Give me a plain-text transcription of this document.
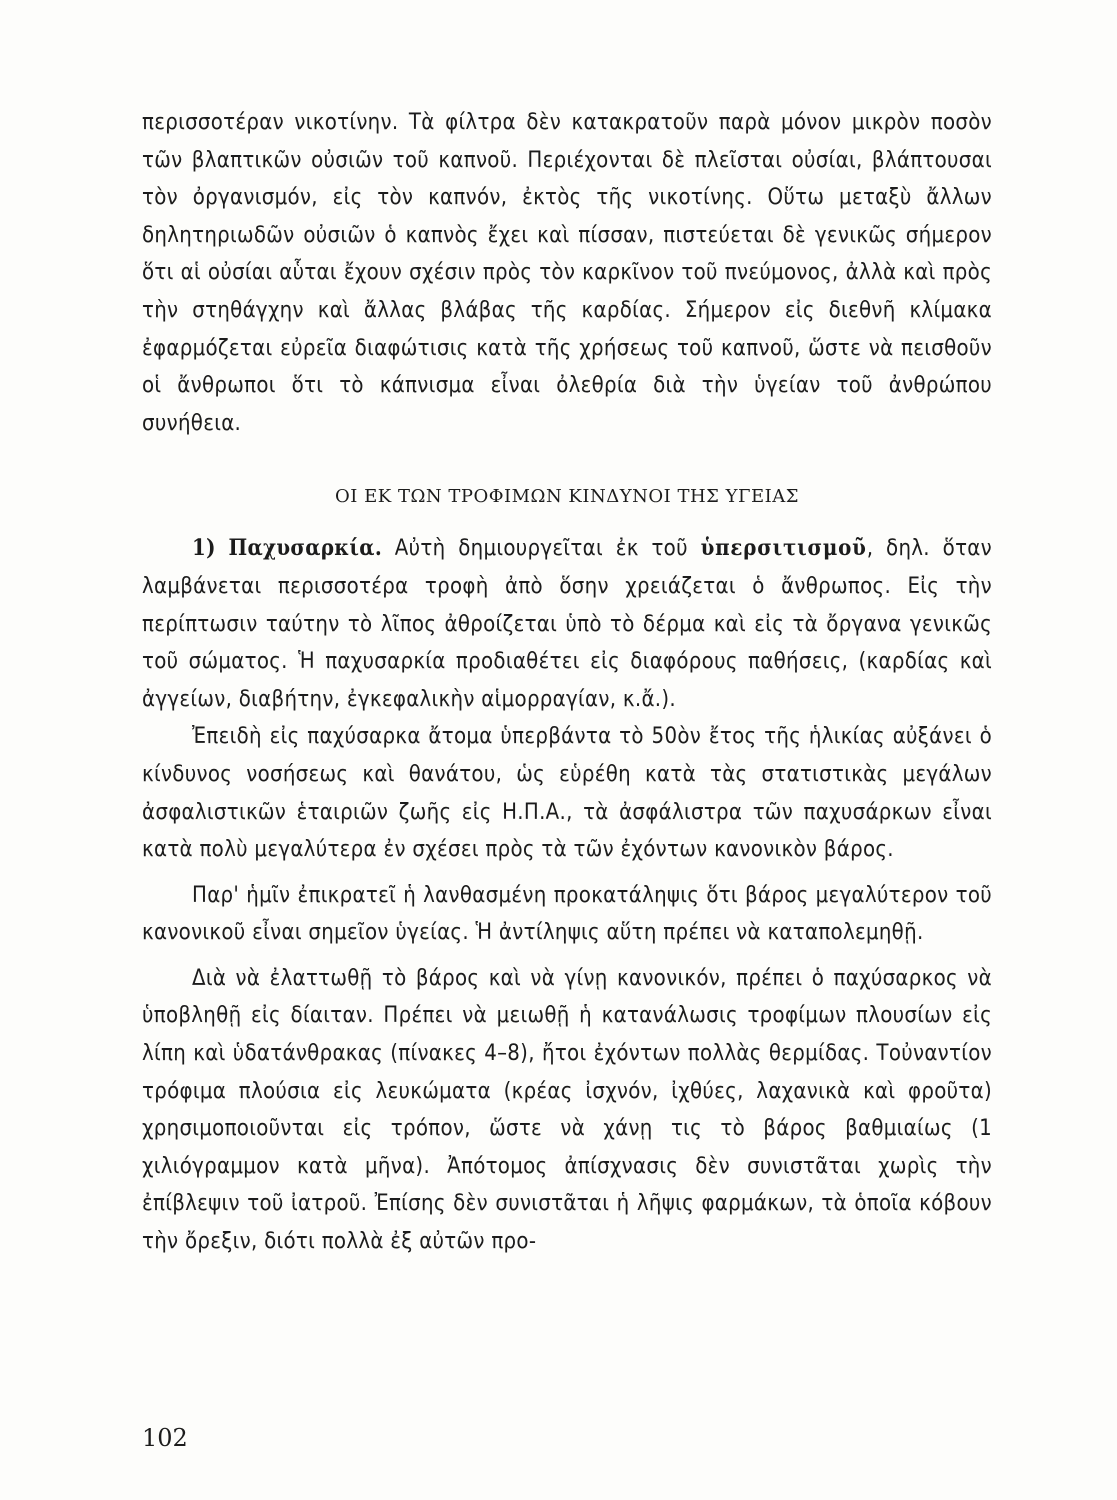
περισσοτέραν νικοτίνην. Τὰ φίλτρα δὲν κατακρατοῦν παρὰ μόνον μικρὸν ποσὸν τῶν βλαπτικῶν οὐσιῶν τοῦ καπνοῦ. Περιέχονται δὲ πλεῖσται οὐσίαι, βλάπτουσαι τὸν ὀργανισμόν, εἰς τὸν καπνόν, ἐκτὸς τῆς νικοτίνης. Οὕτω μεταξὺ ἄλλων δηλητηριωδῶν οὐσιῶν ὁ καπνὸς ἔχει καὶ πίσσαν, πιστεύεται δὲ γενικῶς σήμερον ὅτι αἱ οὐσίαι αὗται ἔχουν σχέσιν πρὸς τὸν καρκῖνον τοῦ πνεύμονος, ἀλλὰ καὶ πρὸς τὴν στηθάγχην καὶ ἄλλας βλάβας τῆς καρδίας. Σήμερον εἰς διεθνῆ κλίμακα ἐφαρμόζεται εὐρεῖα διαφώτισις κατὰ τῆς χρήσεως τοῦ καπνοῦ, ὥστε νὰ πεισθοῦν οἱ ἄνθρωποι ὅτι τὸ κάπνισμα εἶναι ὀλεθρία διὰ τὴν ὑγείαν τοῦ ἀνθρώπου συνήθεια.

ΟΙ ΕΚ ΤΩΝ ΤΡΟΦΙΜΩΝ ΚΙΝΔΥΝΟΙ ΤΗΣ ΥΓΕΙΑΣ

1) Παχυσαρκία. Αὐτὴ δημιουργεῖται ἐκ τοῦ ὑπερσιτισμοῦ, δηλ. ὅταν λαμβάνεται περισσοτέρα τροφὴ ἀπὸ ὅσην χρειάζεται ὁ ἄνθρωπος. Εἰς τὴν περίπτωσιν ταύτην τὸ λῖπος ἀθροίζεται ὑπὸ τὸ δέρμα καὶ εἰς τὰ ὄργανα γενικῶς τοῦ σώματος. Ἡ παχυσαρκία προδιαθέτει εἰς διαφόρους παθήσεις, (καρδίας καὶ ἀγγείων, διαβήτην, ἐγκεφαλικὴν αἱμορραγίαν, κ.ἄ.).

Ἐπειδὴ εἰς παχύσαρκα ἄτομα ὑπερβάντα τὸ 50ὸν ἔτος τῆς ἡλικίας αὐξάνει ὁ κίνδυνος νοσήσεως καὶ θανάτου, ὡς εὑρέθη κατὰ τὰς στατιστικὰς μεγάλων ἀσφαλιστικῶν ἑταιριῶν ζωῆς εἰς Η.Π.Α., τὰ ἀσφάλιστρα τῶν παχυσάρκων εἶναι κατὰ πολὺ μεγαλύτερα ἐν σχέσει πρὸς τὰ τῶν ἐχόντων κανονικὸν βάρος.

Παρ' ἡμῖν ἐπικρατεῖ ἡ λανθασμένη προκατάληψις ὅτι βάρος μεγαλύτερον τοῦ κανονικοῦ εἶναι σημεῖον ὑγείας. Ἡ ἀντίληψις αὕτη πρέπει νὰ καταπολεμηθῇ.

Διὰ νὰ ἐλαττωθῇ τὸ βάρος καὶ νὰ γίνῃ κανονικόν, πρέπει ὁ παχύσαρκος νὰ ὑποβληθῇ εἰς δίαιταν. Πρέπει νὰ μειωθῇ ἡ κατανάλωσις τροφίμων πλουσίων εἰς λίπη καὶ ὑδατάνθρακας (πίνακες 4–8), ἤτοι ἐχόντων πολλὰς θερμίδας. Τοὐναντίον τρόφιμα πλούσια εἰς λευκώματα (κρέας ἰσχνόν, ἰχθύες, λαχανικὰ καὶ φροῦτα) χρησιμοποιοῦνται εἰς τρόπον, ὥστε νὰ χάνῃ τις τὸ βάρος βαθμιαίως (1 χιλιόγραμμον κατὰ μῆνα). Ἀπότομος ἀπίσχνασις δὲν συνιστᾶται χωρὶς τὴν ἐπίβλεψιν τοῦ ἰατροῦ. Ἐπίσης δὲν συνιστᾶται ἡ λῆψις φαρμάκων, τὰ ὁποῖα κόβουν τὴν ὄρεξιν, διότι πολλὰ ἐξ αὐτῶν προ-

102
